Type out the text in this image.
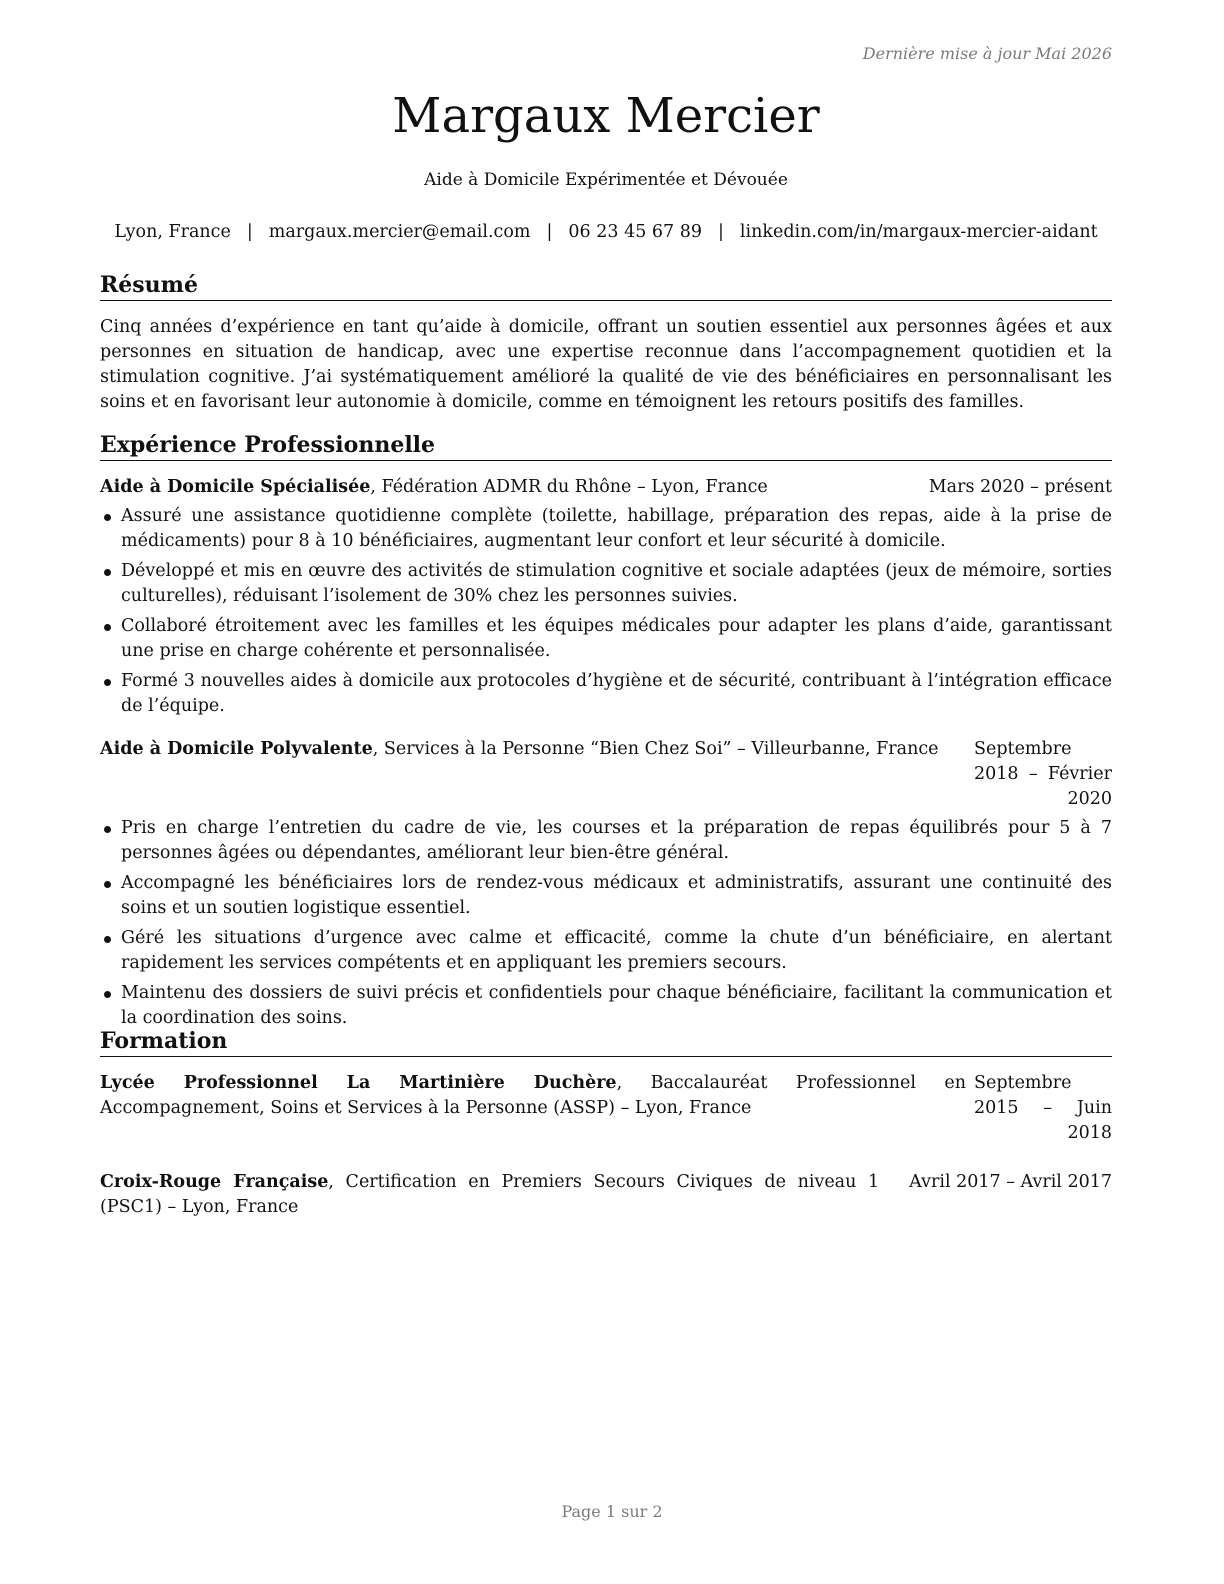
Dernière mise à jour Mai 2026
Margaux Mercier
Aide à Domicile Expérimentée et Dévouée
Lyon, France | margaux.mercier@email.com | 06 23 45 67 89 | linkedin.com/in/margaux-mercier-aidant
Résumé
Cinq années d’expérience en tant qu’aide à domicile, offrant un soutien essentiel aux personnes âgées et aux personnes en situation de handicap, avec une expertise reconnue dans l’accompagnement quotidien et la stimulation cognitive. J’ai systématiquement amélioré la qualité de vie des bénéficiaires en personnalisant les soins et en favorisant leur autonomie à domicile, comme en témoignent les retours positifs des familles.
Expérience Professionnelle
Aide à Domicile Spécialisée, Fédération ADMR du Rhône – Lyon, France	Mars 2020 – présent
Assuré une assistance quotidienne complète (toilette, habillage, préparation des repas, aide à la prise de médicaments) pour 8 à 10 bénéficiaires, augmentant leur confort et leur sécurité à domicile.
Développé et mis en œuvre des activités de stimulation cognitive et sociale adaptées (jeux de mémoire, sorties culturelles), réduisant l’isolement de 30% chez les personnes suivies.
Collaboré étroitement avec les familles et les équipes médicales pour adapter les plans d’aide, garantissant une prise en charge cohérente et personnalisée.
Formé 3 nouvelles aides à domicile aux protocoles d’hygiène et de sécurité, contribuant à l’intégration efficace de l’équipe.
Aide à Domicile Polyvalente, Services à la Personne “Bien Chez Soi” – Villeurbanne, France	Septembre 2018 – Février 2020
Pris en charge l’entretien du cadre de vie, les courses et la préparation de repas équilibrés pour 5 à 7 personnes âgées ou dépendantes, améliorant leur bien-être général.
Accompagné les bénéficiaires lors de rendez-vous médicaux et administratifs, assurant une continuité des soins et un soutien logistique essentiel.
Géré les situations d’urgence avec calme et efficacité, comme la chute d’un bénéficiaire, en alertant rapidement les services compétents et en appliquant les premiers secours.
Maintenu des dossiers de suivi précis et confidentiels pour chaque bénéficiaire, facilitant la communication et la coordination des soins.
Formation
Lycée Professionnel La Martinière Duchère, Baccalauréat Professionnel en Accompagnement, Soins et Services à la Personne (ASSP) – Lyon, France
Septembre 2015 – Juin 2018
Croix-Rouge Française, Certification en Premiers Secours Civiques de niveau 1 (PSC1) – Lyon, France
Avril 2017 – Avril 2017
Page 1 sur 2
